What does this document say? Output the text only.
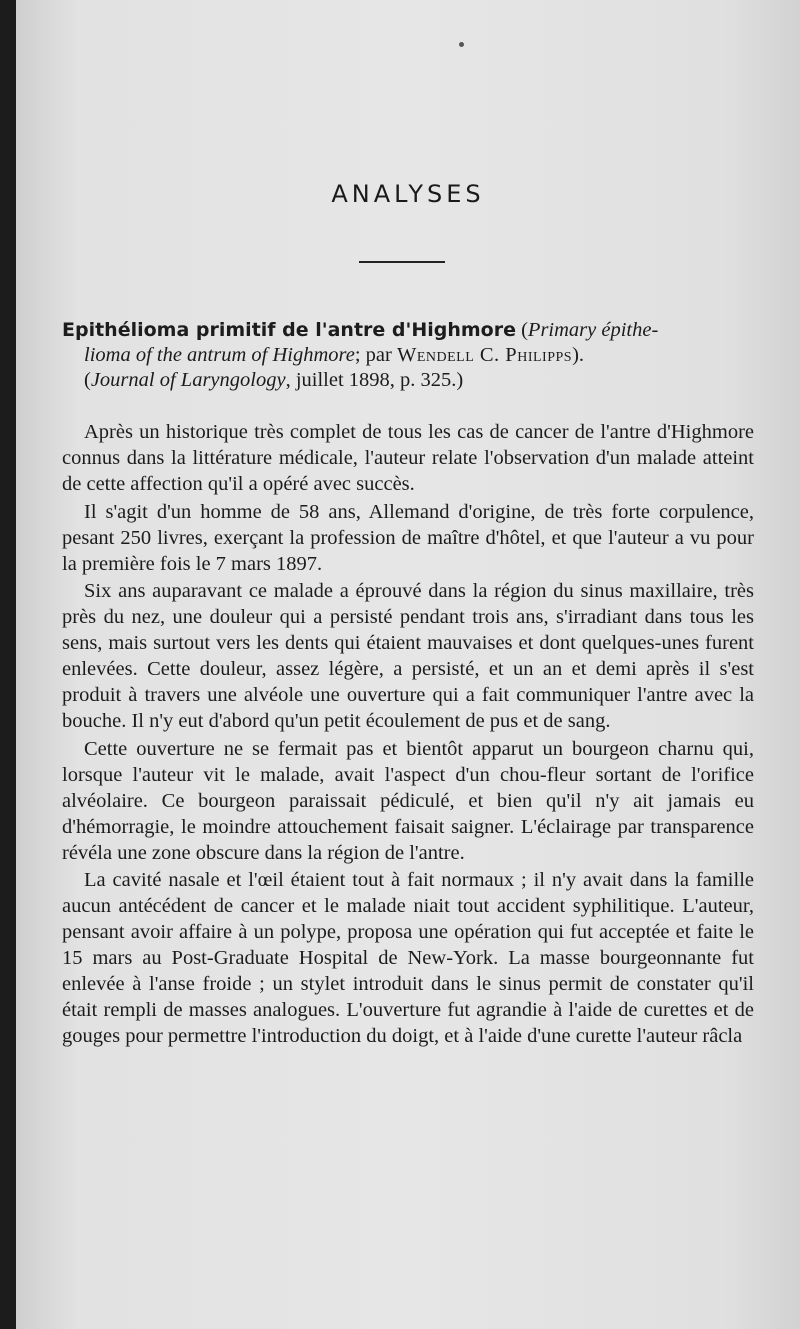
ANALYSES
Epithélioma primitif de l'antre d'Highmore (Primary épithe-
lioma of the antrum of Highmore; par Wendell C. Philipps).
(Journal of Laryngology, juillet 1898, p. 325.)

Après un historique très complet de tous les cas de cancer de l'antre d'Highmore connus dans la littérature médicale, l'auteur relate l'observation d'un malade atteint de cette affection qu'il a opéré avec succès.

Il s'agit d'un homme de 58 ans, Allemand d'origine, de très forte corpulence, pesant 250 livres, exerçant la profession de maître d'hôtel, et que l'auteur a vu pour la première fois le 7 mars 1897.

Six ans auparavant ce malade a éprouvé dans la région du sinus maxillaire, très près du nez, une douleur qui a persisté pendant trois ans, s'irradiant dans tous les sens, mais surtout vers les dents qui étaient mauvaises et dont quelques-unes furent enlevées. Cette douleur, assez légère, a persisté, et un an et demi après il s'est produit à travers une alvéole une ouverture qui a fait communiquer l'antre avec la bouche. Il n'y eut d'abord qu'un petit écoulement de pus et de sang.

Cette ouverture ne se fermait pas et bientôt apparut un bourgeon charnu qui, lorsque l'auteur vit le malade, avait l'aspect d'un chou-fleur sortant de l'orifice alvéolaire. Ce bourgeon paraissait pédiculé, et bien qu'il n'y ait jamais eu d'hémorragie, le moindre attouchement faisait saigner. L'éclairage par transparence révéla une zone obscure dans la région de l'antre.

La cavité nasale et l'œil étaient tout à fait normaux ; il n'y avait dans la famille aucun antécédent de cancer et le malade niait tout accident syphilitique. L'auteur, pensant avoir affaire à un polype, proposa une opération qui fut acceptée et faite le 15 mars au Post-Graduate Hospital de New-York. La masse bourgeonnante fut enlevée à l'anse froide ; un stylet introduit dans le sinus permit de constater qu'il était rempli de masses analogues. L'ouverture fut agrandie à l'aide de curettes et de gouges pour permettre l'introduction du doigt, et à l'aide d'une curette l'auteur râcla
